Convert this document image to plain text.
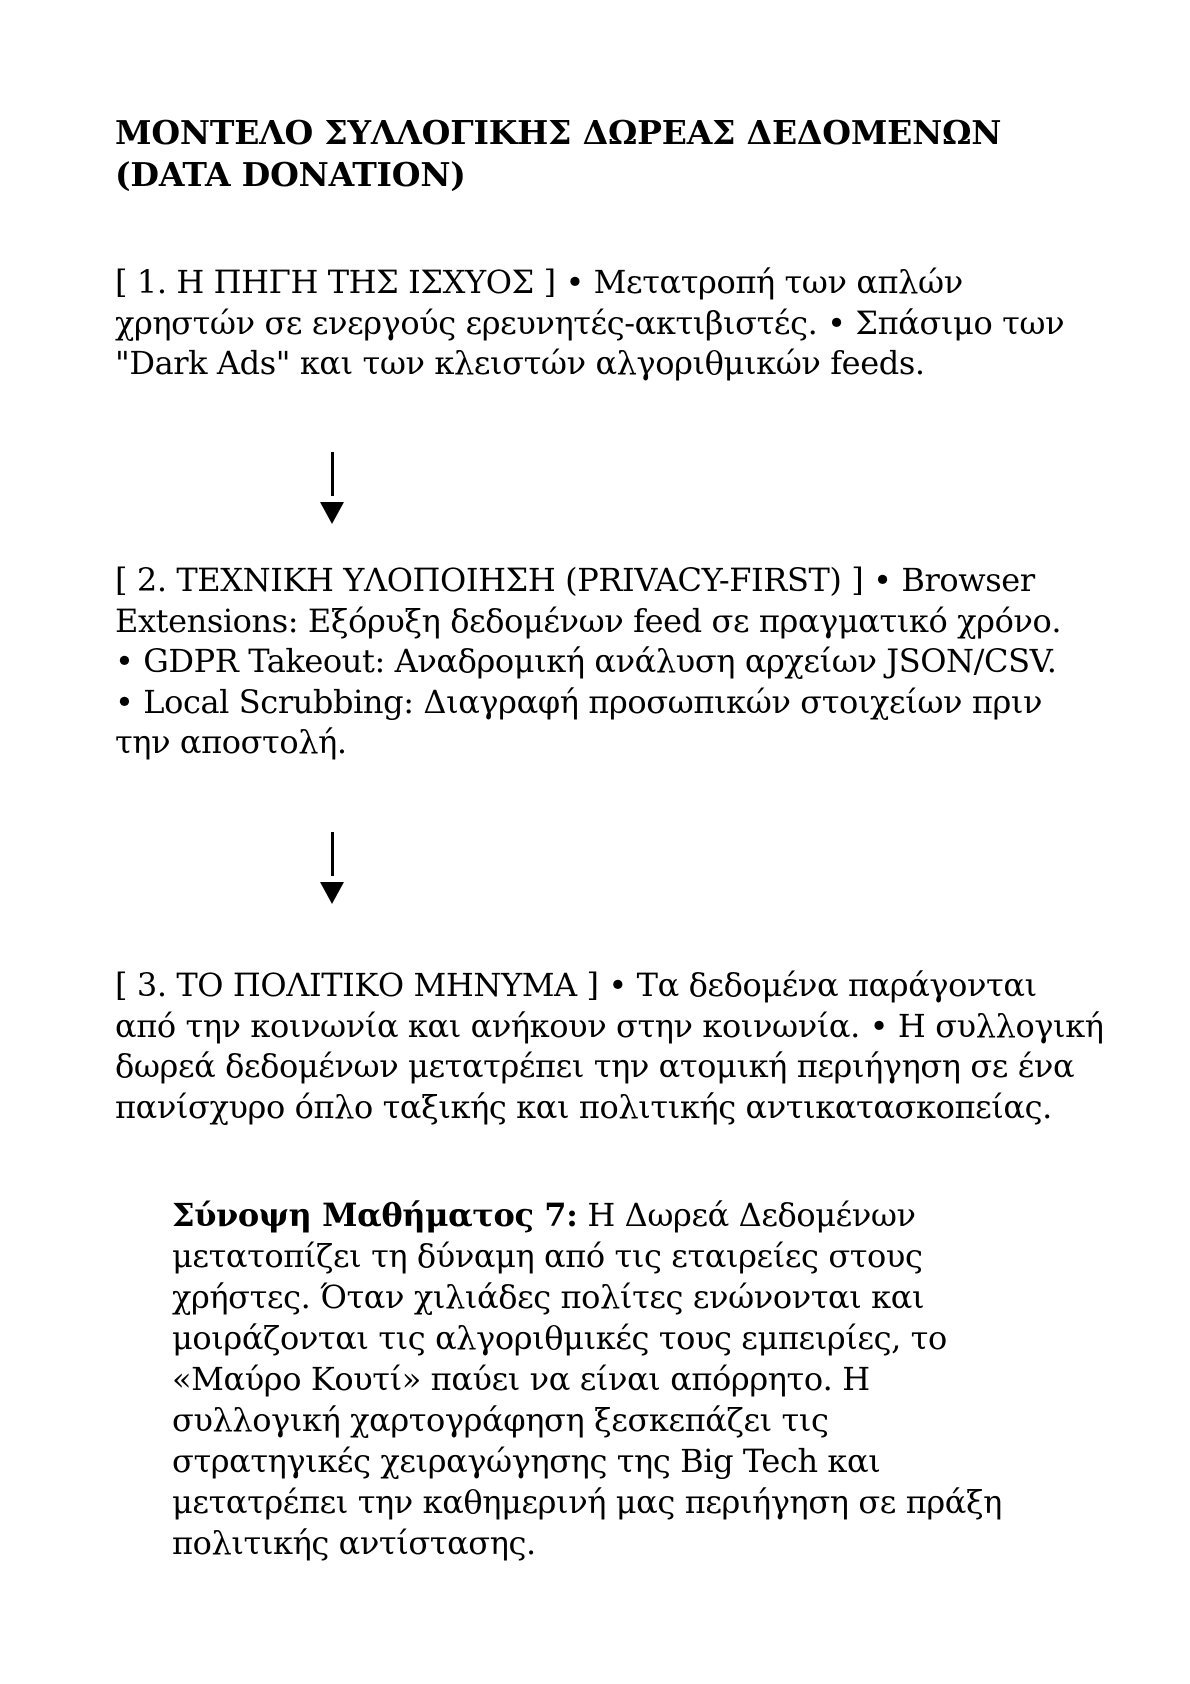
ΜΟΝΤΕΛΟ ΣΥΛΛΟΓΙΚΗΣ ΔΩΡΕΑΣ ΔΕΔΟΜΕΝΩΝ
(DATA DONATION)

[ 1. Η ΠΗΓΗ ΤΗΣ ΙΣΧΥΟΣ ] • Μετατροπή των απλών
χρηστών σε ενεργούς ερευνητές-ακτιβιστές. • Σπάσιμο των
"Dark Ads" και των κλειστών αλγοριθμικών feeds.

[ 2. ΤΕΧΝΙΚΗ ΥΛΟΠΟΙΗΣΗ (PRIVACY-FIRST) ] • Browser
Extensions: Εξόρυξη δεδομένων feed σε πραγματικό χρόνο.
• GDPR Takeout: Αναδρομική ανάλυση αρχείων JSON/CSV.
• Local Scrubbing: Διαγραφή προσωπικών στοιχείων πριν
την αποστολή.

[ 3. ΤΟ ΠΟΛΙΤΙΚΟ ΜΗΝΥΜΑ ] • Τα δεδομένα παράγονται
από την κοινωνία και ανήκουν στην κοινωνία. • Η συλλογική
δωρεά δεδομένων μετατρέπει την ατομική περιήγηση σε ένα
πανίσχυρο όπλο ταξικής και πολιτικής αντικατασκοπείας.

Σύνοψη Μαθήματος 7: Η Δωρεά Δεδομένων
μετατοπίζει τη δύναμη από τις εταιρείες στους
χρήστες. Όταν χιλιάδες πολίτες ενώνονται και
μοιράζονται τις αλγοριθμικές τους εμπειρίες, το
«Μαύρο Κουτί» παύει να είναι απόρρητο. Η
συλλογική χαρτογράφηση ξεσκεπάζει τις
στρατηγικές χειραγώγησης της Big Tech και
μετατρέπει την καθημερινή μας περιήγηση σε πράξη
πολιτικής αντίστασης.
